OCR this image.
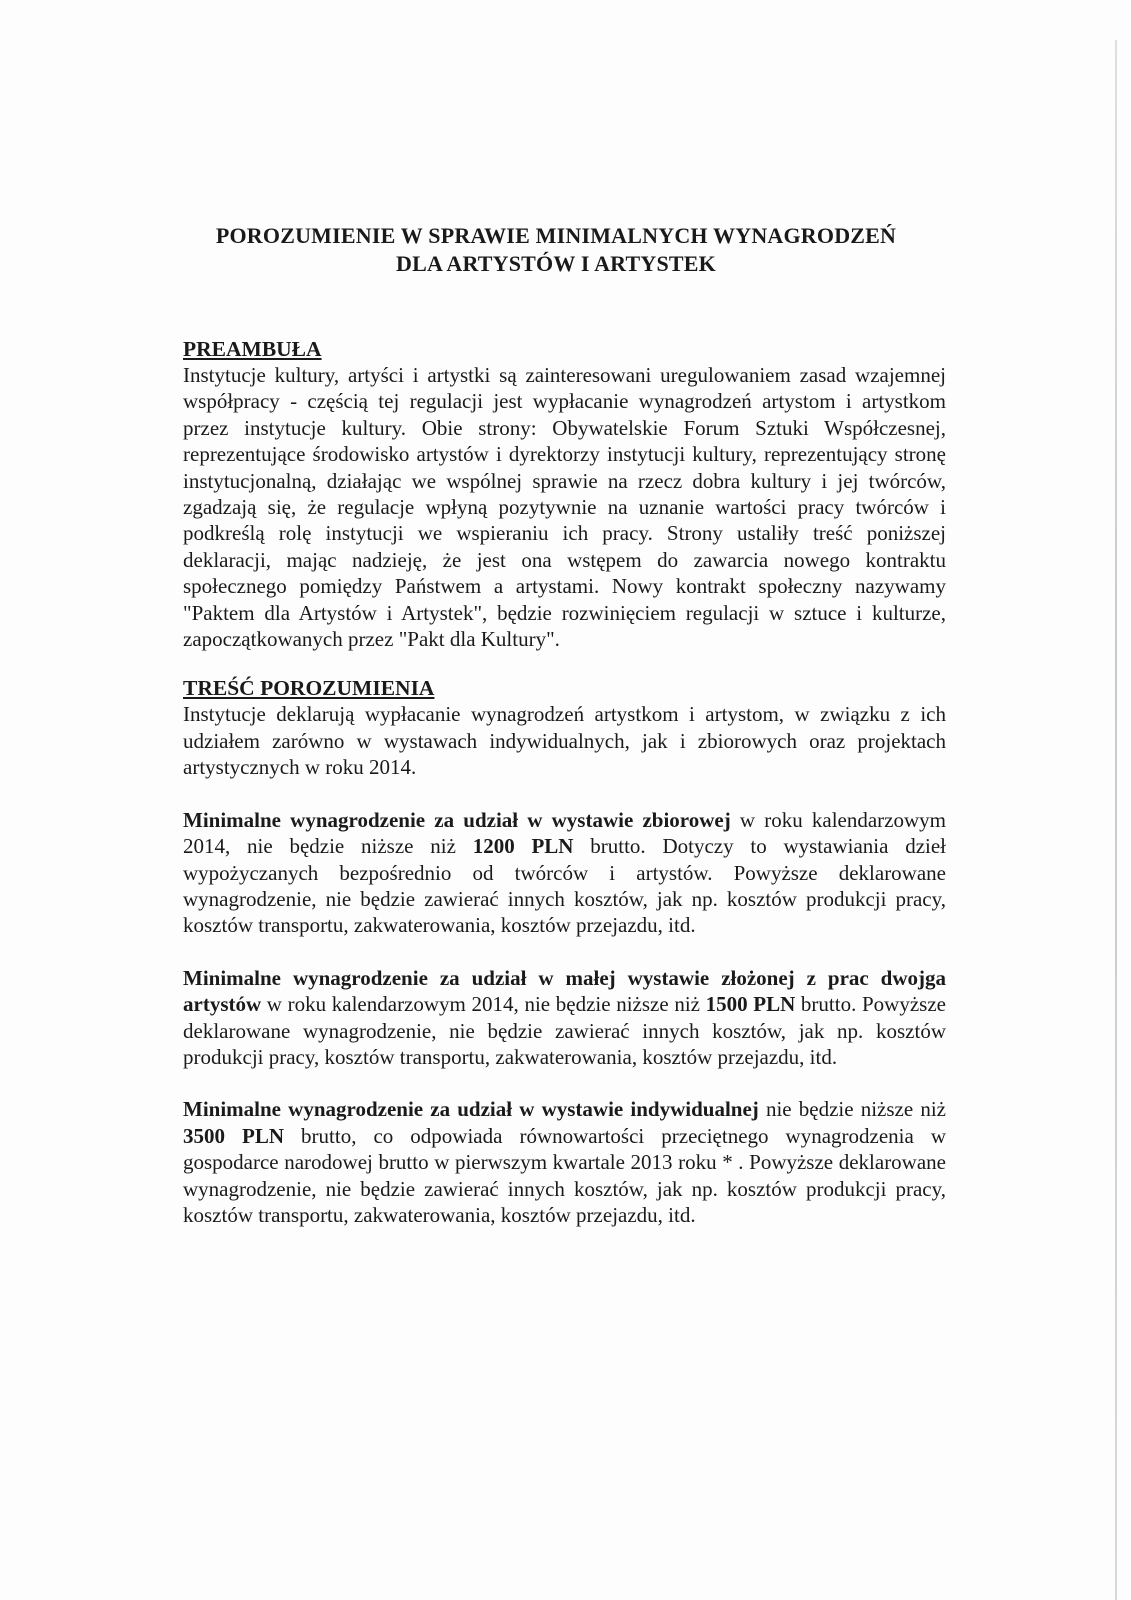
POROZUMIENIE W SPRAWIE MINIMALNYCH WYNAGRODZEŃ
DLA ARTYSTÓW I ARTYSTEK
PREAMBUŁA

Instytucje kultury, artyści i artystki są zainteresowani uregulowaniem zasad wzajemnej współpracy - częścią tej regulacji jest wypłacanie wynagrodzeń artystom i artystkom przez instytucje kultury. Obie strony: Obywatelskie Forum Sztuki Współczesnej, reprezentujące środowisko artystów i dyrektorzy instytucji kultury, reprezentujący stronę instytucjonalną, działając we wspólnej sprawie na rzecz dobra kultury i jej twórców, zgadzają się, że regulacje wpłyną pozytywnie na uznanie wartości pracy twórców i podkreślą rolę instytucji we wspieraniu ich pracy. Strony ustaliły treść poniższej deklaracji, mając nadzieję, że jest ona wstępem do zawarcia nowego kontraktu społecznego pomiędzy Państwem a artystami. Nowy kontrakt społeczny nazywamy "Paktem dla Artystów i Artystek", będzie rozwinięciem regulacji w sztuce i kulturze, zapoczątkowanych przez "Pakt dla Kultury".

TREŚĆ POROZUMIENIA

Instytucje deklarują wypłacanie wynagrodzeń artystkom i artystom, w związku z ich udziałem zarówno w wystawach indywidualnych, jak i zbiorowych oraz projektach artystycznych w roku 2014.

Minimalne wynagrodzenie za udział w wystawie zbiorowej w roku kalendarzowym 2014, nie będzie niższe niż 1200 PLN brutto. Dotyczy to wystawiania dzieł wypożyczanych bezpośrednio od twórców i artystów. Powyższe deklarowane wynagrodzenie, nie będzie zawierać innych kosztów, jak np. kosztów produkcji pracy, kosztów transportu, zakwaterowania, kosztów przejazdu, itd.

Minimalne wynagrodzenie za udział w małej wystawie złożonej z prac dwojga artystów w roku kalendarzowym 2014, nie będzie niższe niż 1500 PLN brutto. Powyższe deklarowane wynagrodzenie, nie będzie zawierać innych kosztów, jak np. kosztów produkcji pracy, kosztów transportu, zakwaterowania, kosztów przejazdu, itd.

Minimalne wynagrodzenie za udział w wystawie indywidualnej nie będzie niższe niż 3500 PLN brutto, co odpowiada równowartości przeciętnego wynagrodzenia w gospodarce narodowej brutto w pierwszym kwartale 2013 roku * . Powyższe deklarowane wynagrodzenie, nie będzie zawierać innych kosztów, jak np. kosztów produkcji pracy, kosztów transportu, zakwaterowania, kosztów przejazdu, itd.
